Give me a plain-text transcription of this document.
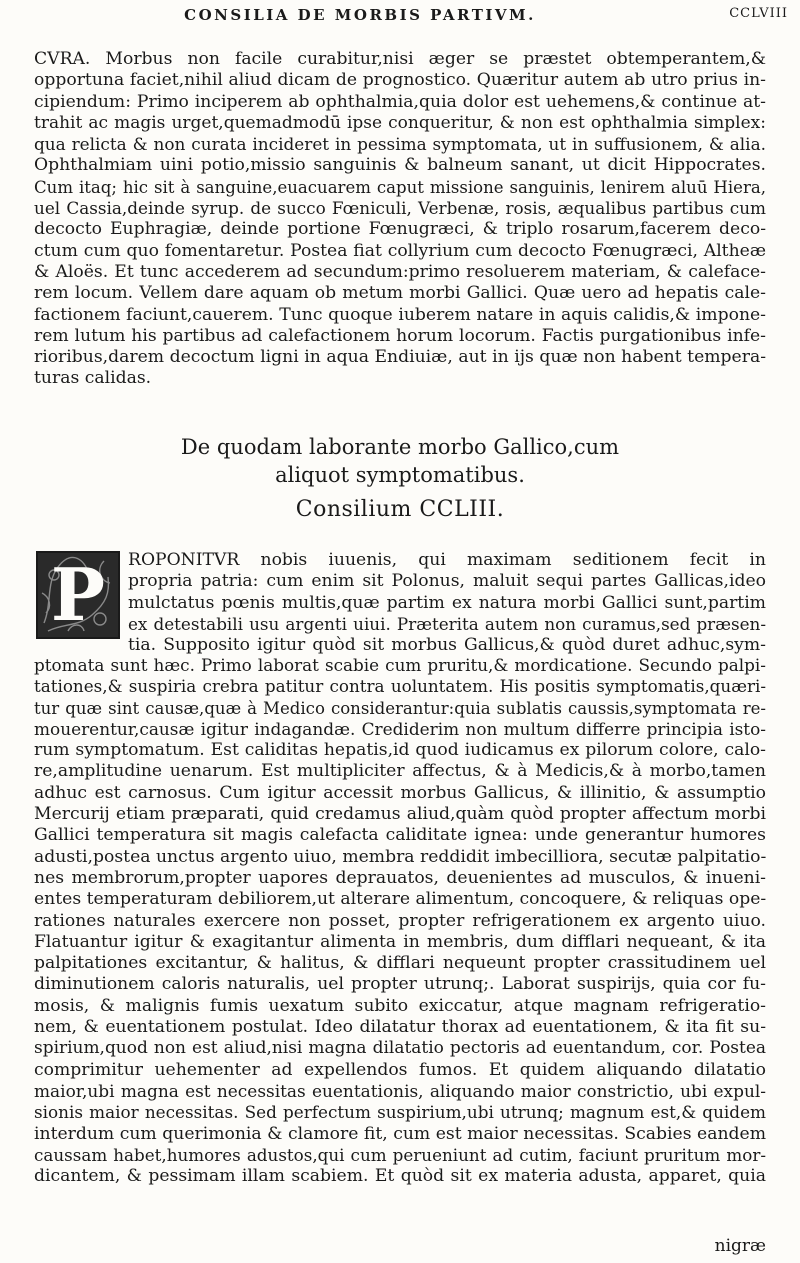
CONSILIA DE MORBIS PARTIVM.	CCLVIII
CVRA. Morbus non facile curabitur,nisi æger se præstet obtemperantem,&
opportuna faciet,nihil aliud dicam de prognostico. Quæritur autem ab utro prius in-
cipiendum: Primo inciperem ab ophthalmia,quia dolor est uehemens,& continue at-
trahit ac magis urget,quemadmodū ipse conqueritur, & non est ophthalmia simplex:
qua relicta & non curata incideret in pessima symptomata, ut in suffusionem, & alia.
Ophthalmiam uini potio,missio sanguinis & balneum sanant, ut dicit Hippocrates.
Cum itaq; hic sit à sanguine,euacuarem caput missione sanguinis, lenirem aluū Hiera,
uel Cassia,deinde syrup. de succo Fœniculi, Verbenæ, rosis, æqualibus partibus cum
decocto Euphragiæ, deinde portione Fœnugræci, & triplo rosarum,facerem deco-
ctum cum quo fomentaretur. Postea fiat collyrium cum decocto Fœnugræci, Altheæ
& Aloës. Et tunc accederem ad secundum:primo resoluerem materiam, & caleface-
rem locum. Vellem dare aquam ob metum morbi Gallici. Quæ uero ad hepatis cale-
factionem faciunt,cauerem. Tunc quoque iuberem natare in aquis calidis,& impone-
rem lutum his partibus ad calefactionem horum locorum. Factis purgationibus infe-
rioribus,darem decoctum ligni in aqua Endiuiæ, aut in ijs quæ non habent tempera-
turas calidas.
De quodam laborante morbo Gallico,cum
aliquot symptomatibus.
Consilium CCLIII.
P	ROPONITVR nobis iuuenis, qui maximam seditionem fecit in
propria patria: cum enim sit Polonus, maluit sequi partes Gallicas,ideo
mulctatus pœnis multis,quæ partim ex natura morbi Gallici sunt,partim
ex detestabili usu argenti uiui. Præterita autem non curamus,sed præsen-
tia. Supposito igitur quòd sit morbus Gallicus,& quòd duret adhuc,sym-
ptomata sunt hæc. Primo laborat scabie cum pruritu,& mordicatione. Secundo palpi-
tationes,& suspiria crebra patitur contra uoluntatem. His positis symptomatis,quæri-
tur quæ sint causæ,quæ à Medico considerantur:quia sublatis caussis,symptomata re-
mouerentur,causæ igitur indagandæ. Crediderim non multum differre principia isto-
rum symptomatum. Est caliditas hepatis,id quod iudicamus ex pilorum colore, calo-
re,amplitudine uenarum. Est multipliciter affectus, & à Medicis,& à morbo,tamen
adhuc est carnosus. Cum igitur accessit morbus Gallicus, & illinitio, & assumptio
Mercurij etiam præparati, quid credamus aliud,quàm quòd propter affectum morbi
Gallici temperatura sit magis calefacta caliditate ignea: unde generantur humores
adusti,postea unctus argento uiuo, membra reddidit imbecilliora, secutæ palpitatio-
nes membrorum,propter uapores deprauatos, deuenientes ad musculos, & inueni-
entes temperaturam debiliorem,ut alterare alimentum, concoquere, & reliquas ope-
rationes naturales exercere non posset, propter refrigerationem ex argento uiuo.
Flatuantur igitur & exagitantur alimenta in membris, dum difflari nequeant, & ita
palpitationes excitantur, & halitus, & difflari nequeunt propter crassitudinem uel
diminutionem caloris naturalis, uel propter utrunq;. Laborat suspirijs, quia cor fu-
mosis, & malignis fumis uexatum subito exiccatur, atque magnam refrigeratio-
nem, & euentationem postulat. Ideo dilatatur thorax ad euentationem, & ita fit su-
spirium,quod non est aliud,nisi magna dilatatio pectoris ad euentandum, cor. Postea
comprimitur uehementer ad expellendos fumos. Et quidem aliquando dilatatio
maior,ubi magna est necessitas euentationis, aliquando maior constrictio, ubi expul-
sionis maior necessitas. Sed perfectum suspirium,ubi utrunq; magnum est,& quidem
interdum cum querimonia & clamore fit, cum est maior necessitas. Scabies eandem
caussam habet,humores adustos,qui cum perueniunt ad cutim, faciunt pruritum mor-
dicantem, & pessimam illam scabiem. Et quòd sit ex materia adusta, apparet, quia
nigræ
